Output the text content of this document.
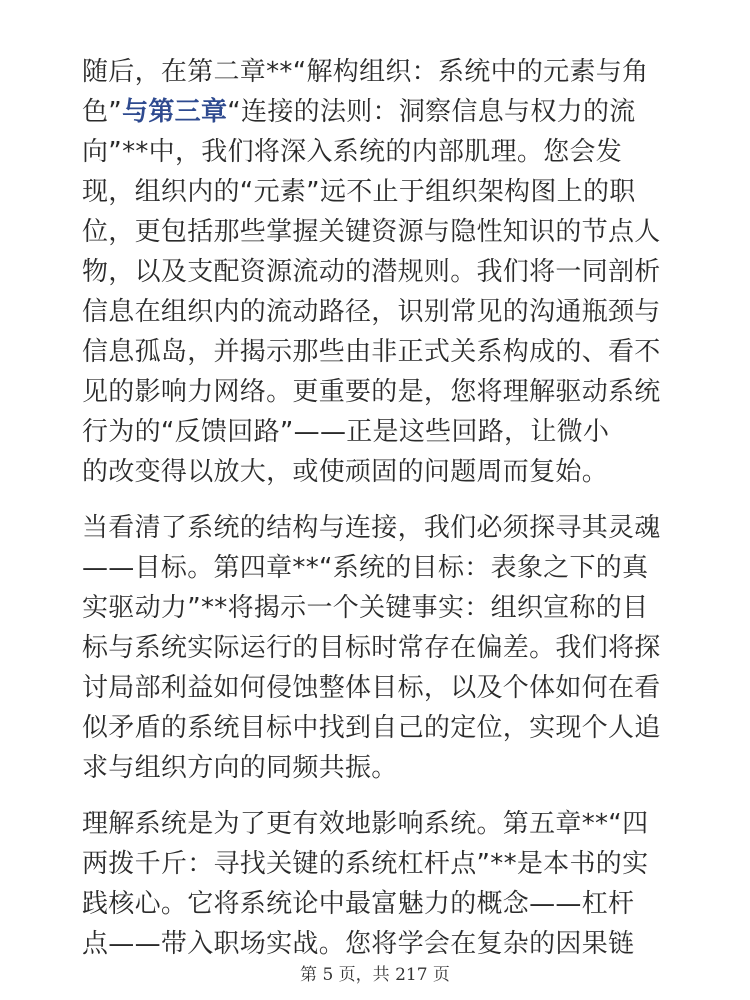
随后，在第二章**“解构组织：系统中的元素与角
色”与第三章“连接的法则：洞察信息与权力的流
向”**中，我们将深入系统的内部肌理。您会发
现，组织内的“元素”远不止于组织架构图上的职
位，更包括那些掌握关键资源与隐性知识的节点人
物，以及支配资源流动的潜规则。我们将一同剖析
信息在组织内的流动路径，识别常见的沟通瓶颈与
信息孤岛，并揭示那些由非正式关系构成的、看不
见的影响力网络。更重要的是，您将理解驱动系统
行为的“反馈回路”——正是这些回路，让微小
的改变得以放大，或使顽固的问题周而复始。

当看清了系统的结构与连接，我们必须探寻其灵魂
——目标。第四章**“系统的目标：表象之下的真
实驱动力”**将揭示一个关键事实：组织宣称的目
标与系统实际运行的目标时常存在偏差。我们将探
讨局部利益如何侵蚀整体目标，以及个体如何在看
似矛盾的系统目标中找到自己的定位，实现个人追
求与组织方向的同频共振。

理解系统是为了更有效地影响系统。第五章**“四
两拨千斤：寻找关键的系统杠杆点”**是本书的实
践核心。它将系统论中最富魅力的概念——杠杆
点——带入职场实战。您将学会在复杂的因果链

第 5 页，共 217 页
